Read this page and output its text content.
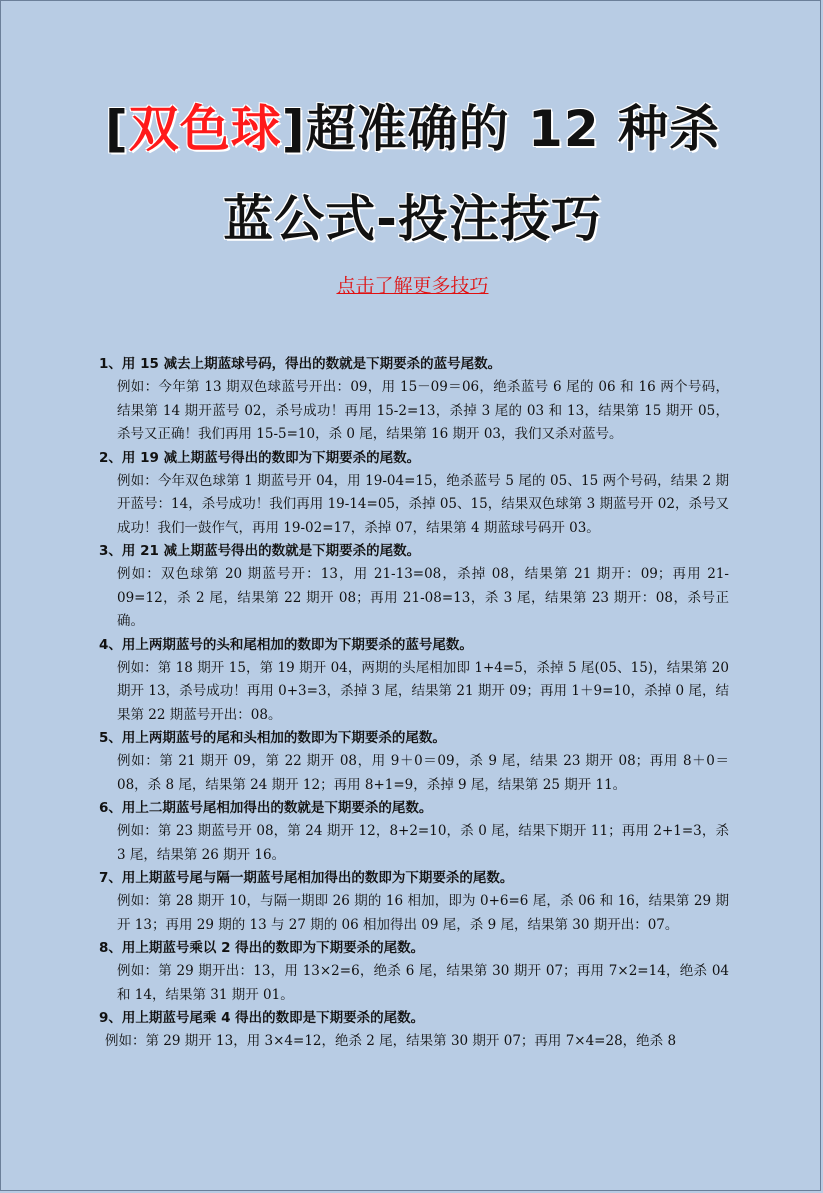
[双色球]超准确的 12 种杀
蓝公式-投注技巧
点击了解更多技巧
1、用 15 减去上期蓝球号码，得出的数就是下期要杀的蓝号尾数。
例如：今年第 13 期双色球蓝号开出：09，用 15－09＝06，绝杀蓝号 6 尾的 06 和 16 两个号码，结果第 14 期开蓝号 02，杀号成功！再用 15-2=13，杀掉 3 尾的 03 和 13，结果第 15 期开 05，杀号又正确！我们再用 15-5=10，杀 0 尾，结果第 16 期开 03，我们又杀对蓝号。
2、用 19 减上期蓝号得出的数即为下期要杀的尾数。
例如：今年双色球第 1 期蓝号开 04，用 19-04=15，绝杀蓝号 5 尾的 05、15 两个号码，结果 2 期开蓝号：14，杀号成功！我们再用 19-14=05，杀掉 05、15，结果双色球第 3 期蓝号开 02，杀号又成功！我们一鼓作气，再用 19-02=17，杀掉 07，结果第 4 期蓝球号码开 03。
3、用 21 减上期蓝号得出的数就是下期要杀的尾数。
例如：双色球第 20 期蓝号开：13，用 21-13=08，杀掉 08，结果第 21 期开：09；再用 21-09=12，杀 2 尾，结果第 22 期开 08；再用 21-08=13，杀 3 尾，结果第 23 期开：08，杀号正确。
4、用上两期蓝号的头和尾相加的数即为下期要杀的蓝号尾数。
例如：第 18 期开 15，第 19 期开 04，两期的头尾相加即 1+4=5，杀掉 5 尾(05、15)，结果第 20 期开 13，杀号成功！再用 0+3=3，杀掉 3 尾，结果第 21 期开 09；再用 1＋9=10，杀掉 0 尾，结果第 22 期蓝号开出：08。
5、用上两期蓝号的尾和头相加的数即为下期要杀的尾数。
例如：第 21 期开 09，第 22 期开 08，用 9＋0＝09，杀 9 尾，结果 23 期开 08；再用 8＋0＝08，杀 8 尾，结果第 24 期开 12；再用 8+1=9，杀掉 9 尾，结果第 25 期开 11。
6、用上二期蓝号尾相加得出的数就是下期要杀的尾数。
例如：第 23 期蓝号开 08，第 24 期开 12，8+2=10，杀 0 尾，结果下期开 11；再用 2+1=3，杀 3 尾，结果第 26 期开 16。
7、用上期蓝号尾与隔一期蓝号尾相加得出的数即为下期要杀的尾数。
例如：第 28 期开 10，与隔一期即 26 期的 16 相加，即为 0+6=6 尾，杀 06 和 16，结果第 29 期开 13；再用 29 期的 13 与 27 期的 06 相加得出 09 尾，杀 9 尾，结果第 30 期开出：07。
8、用上期蓝号乘以 2 得出的数即为下期要杀的尾数。
例如：第 29 期开出：13，用 13×2=6，绝杀 6 尾，结果第 30 期开 07；再用 7×2=14，绝杀 04 和 14，结果第 31 期开 01。
9、用上期蓝号尾乘 4 得出的数即是下期要杀的尾数。
例如：第 29 期开 13，用 3×4=12，绝杀 2 尾，结果第 30 期开 07；再用 7×4=28，绝杀 8
